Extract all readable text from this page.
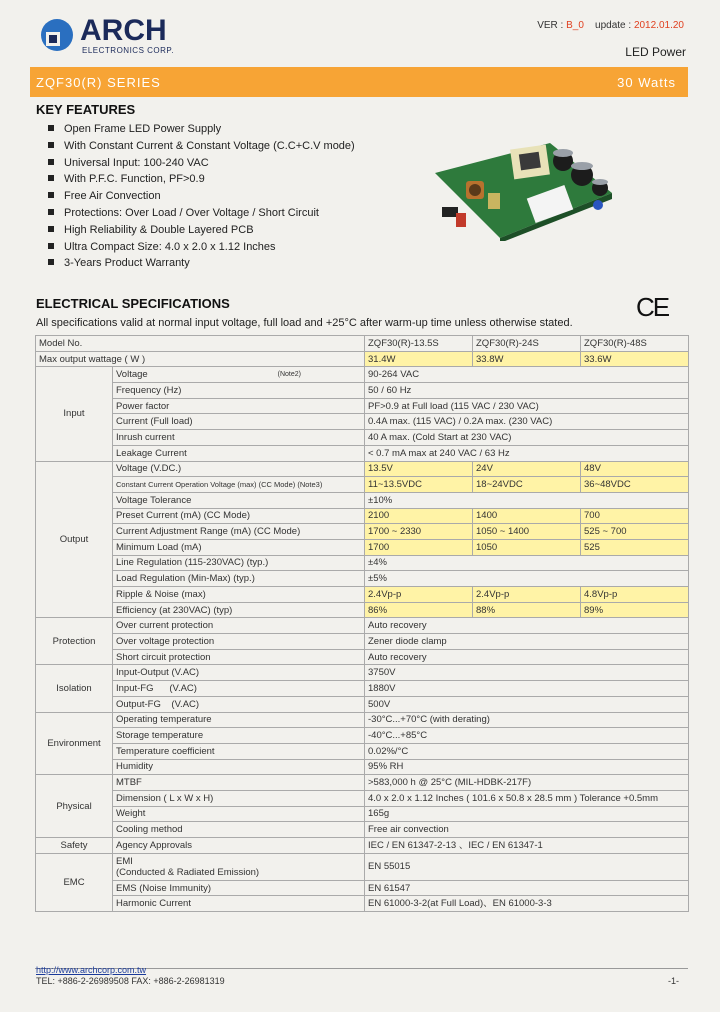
ARCH
ELECTRONICS CORP.
VER : B_0 update : 2012.01.20
LED Power
ZQF30(R) SERIES	30 Watts
KEY FEATURES
Open Frame LED Power Supply
With Constant Current & Constant Voltage (C.C+C.V mode)
Universal Input: 100-240 VAC
With P.F.C. Function, PF>0.9
Free Air Convection
Protections: Over Load / Over Voltage / Short Circuit
High Reliability & Double Layered PCB
Ultra Compact Size: 4.0 x 2.0 x 1.12 Inches
3-Years Product Warranty
ELECTRICAL SPECIFICATIONS	CE
All specifications valid at normal input voltage, full load and +25°C after warm-up time unless otherwise stated.
Model No.		ZQF30(R)-13.5S	ZQF30(R)-24S	ZQF30(R)-48S
Max output wattage ( W )		31.4W	33.8W	33.6W
Input	Voltage (Note2)	90-264 VAC		
	Frequency (Hz)	50 / 60 Hz		
	Power factor	PF>0.9 at Full load (115 VAC / 230 VAC)		
	Current (Full load)	0.4A max. (115 VAC) / 0.2A max. (230 VAC)		
	Inrush current	40 A max. (Cold Start at 230 VAC)		
	Leakage Current	< 0.7 mA max at 240 VAC / 63 Hz		
Output	Voltage (V.DC.)	13.5V	24V	48V
	Constant Current Operation Voltage (max) (CC Mode) (Note3)	11~13.5VDC	18~24VDC	36~48VDC
	Voltage Tolerance	±10%		
	Preset Current (mA) (CC Mode)	2100	1400	700
	Current Adjustment Range (mA) (CC Mode)	1700 ~ 2330	1050 ~ 1400	525 ~ 700
	Minimum Load (mA)	1700	1050	525
	Line Regulation (115-230VAC) (typ.)	±4%		
	Load Regulation (Min-Max) (typ.)	±5%		
	Ripple & Noise (max)	2.4Vp-p	2.4Vp-p	4.8Vp-p
	Efficiency (at 230VAC) (typ)	86%	88%	89%
Protection	Over current protection	Auto recovery		
	Over voltage protection	Zener diode clamp		
	Short circuit protection	Auto recovery		
Isolation	Input-Output (V.AC)	3750V		
	Input-FG      (V.AC)	1880V		
	Output-FG    (V.AC)	500V		
Environment	Operating temperature	-30°C...+70°C (with derating)		
	Storage temperature	-40°C...+85°C		
	Temperature coefficient	0.02%/°C		
	Humidity	95% RH		
Physical	MTBF	>583,000 h @ 25°C (MIL-HDBK-217F)		
	Dimension ( L x W x H)	4.0 x 2.0 x 1.12 Inches ( 101.6 x 50.8 x 28.5 mm ) Tolerance +0.5mm		
	Weight	165g		
	Cooling method	Free air convection		
Safety	Agency Approvals	IEC / EN 61347-2-13 、IEC / EN 61347-1		
EMC	EMI
(Conducted & Radiated Emission)	EN 55015		
	EMS (Noise Immunity)	EN 61547		
	Harmonic Current	EN 61000-3-2(at Full Load)、EN 61000-3-3		
http://www.archcorp.com.tw
TEL: +886-2-26989508 FAX: +886-2-26981319	-1-
